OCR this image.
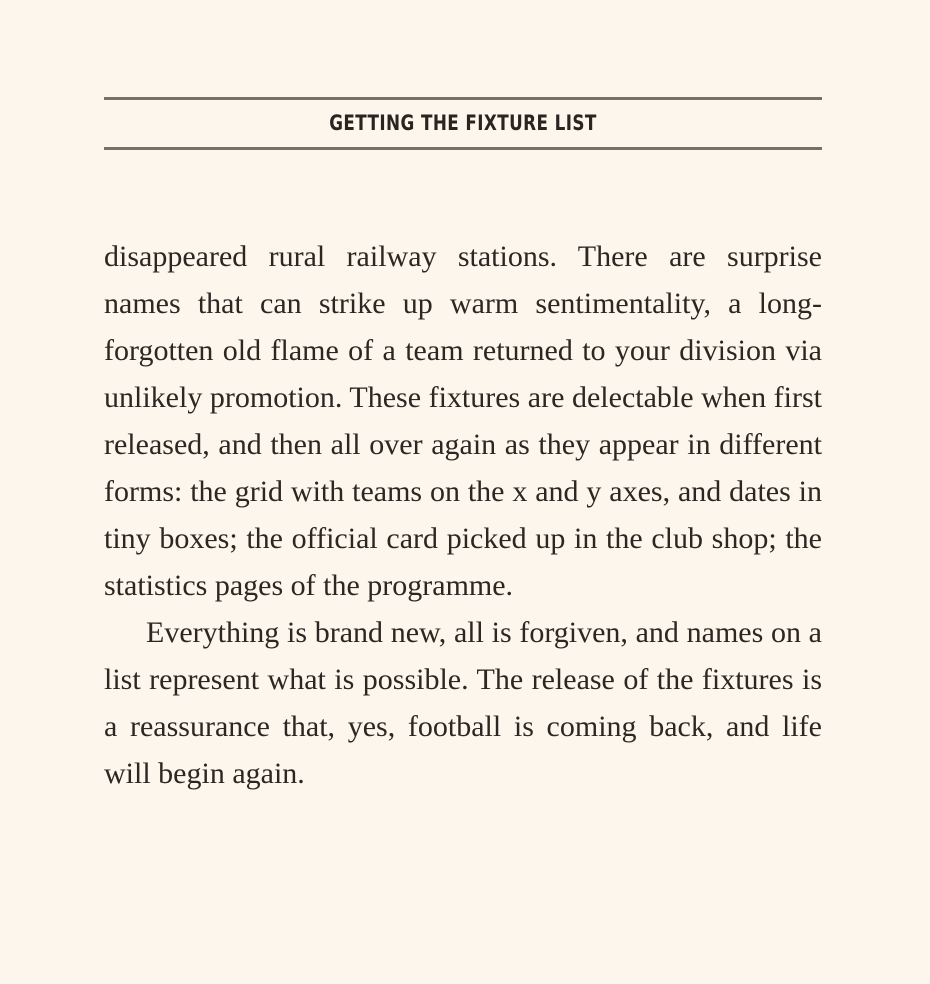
GETTING THE FIXTURE LIST

disappeared rural railway stations. There are surprise names that can strike up warm sentimentality, a long-forgotten old flame of a team returned to your division via unlikely promotion. These fixtures are delectable when first released, and then all over again as they appear in different forms: the grid with teams on the x and y axes, and dates in tiny boxes; the official card picked up in the club shop; the statistics pages of the programme.

Everything is brand new, all is forgiven, and names on a list represent what is possible. The release of the fixtures is a reassurance that, yes, football is coming back, and life will begin again.
